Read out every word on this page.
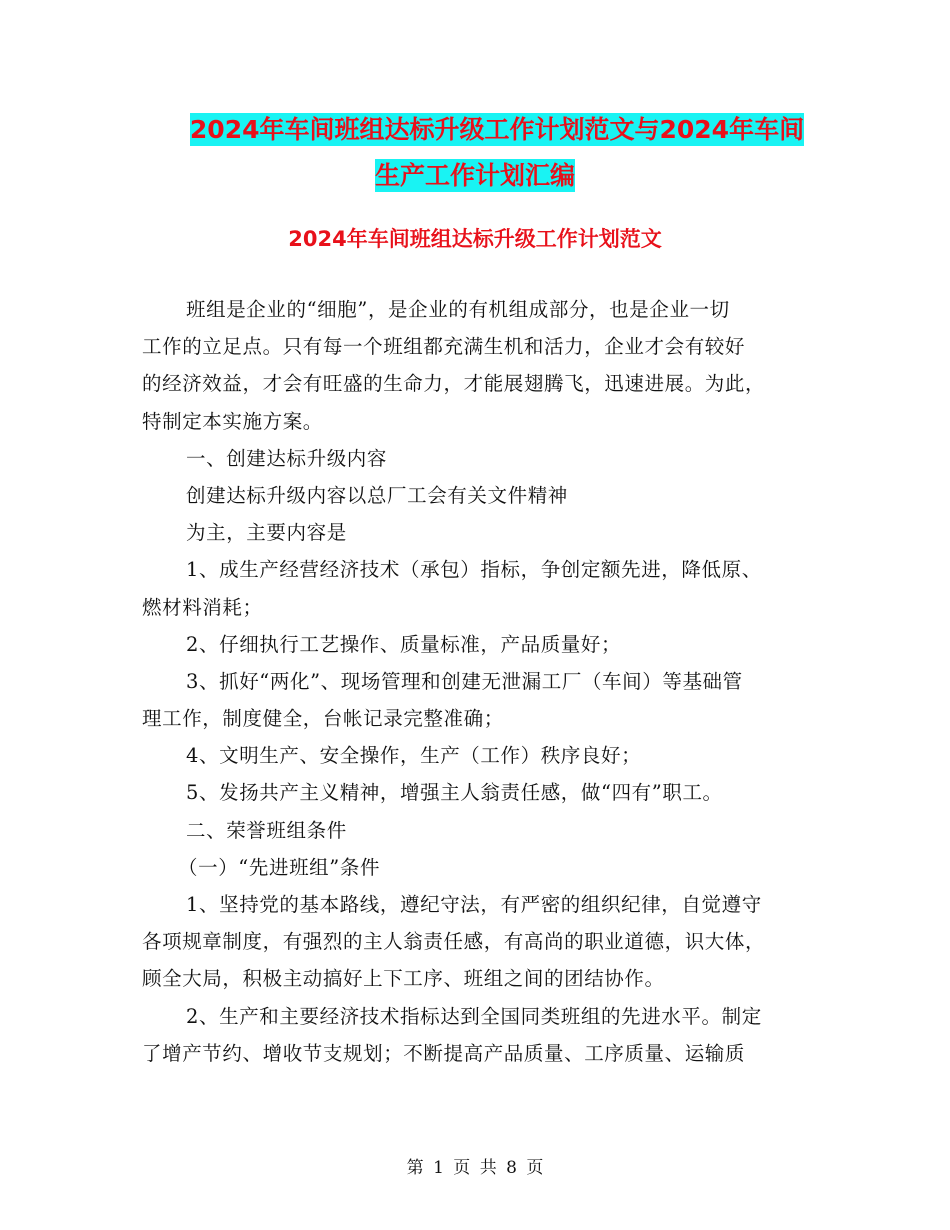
2024年车间班组达标升级工作计划范文与2024年车间
生产工作计划汇编
2024年车间班组达标升级工作计划范文
班组是企业的“细胞”，是企业的有机组成部分，也是企业一切
工作的立足点。只有每一个班组都充满生机和活力，企业才会有较好
的经济效益，才会有旺盛的生命力，才能展翅腾飞，迅速进展。为此，
特制定本实施方案。
一、创建达标升级内容
创建达标升级内容以总厂工会有关文件精神
为主，主要内容是
1、成生产经营经济技术（承包）指标，争创定额先进，降低原、
燃材料消耗；
2、仔细执行工艺操作、质量标准，产品质量好；
3、抓好“两化”、现场管理和创建无泄漏工厂（车间）等基础管
理工作，制度健全，台帐记录完整准确；
4、文明生产、安全操作，生产（工作）秩序良好；
5、发扬共产主义精神，增强主人翁责任感，做“四有”职工。
二、荣誉班组条件
（一）“先进班组”条件
1、坚持党的基本路线，遵纪守法，有严密的组织纪律，自觉遵守
各项规章制度，有强烈的主人翁责任感，有高尚的职业道德，识大体，
顾全大局，积极主动搞好上下工序、班组之间的团结协作。
2、生产和主要经济技术指标达到全国同类班组的先进水平。制定
了增产节约、增收节支规划；不断提高产品质量、工序质量、运输质
第 1 页 共 8 页
